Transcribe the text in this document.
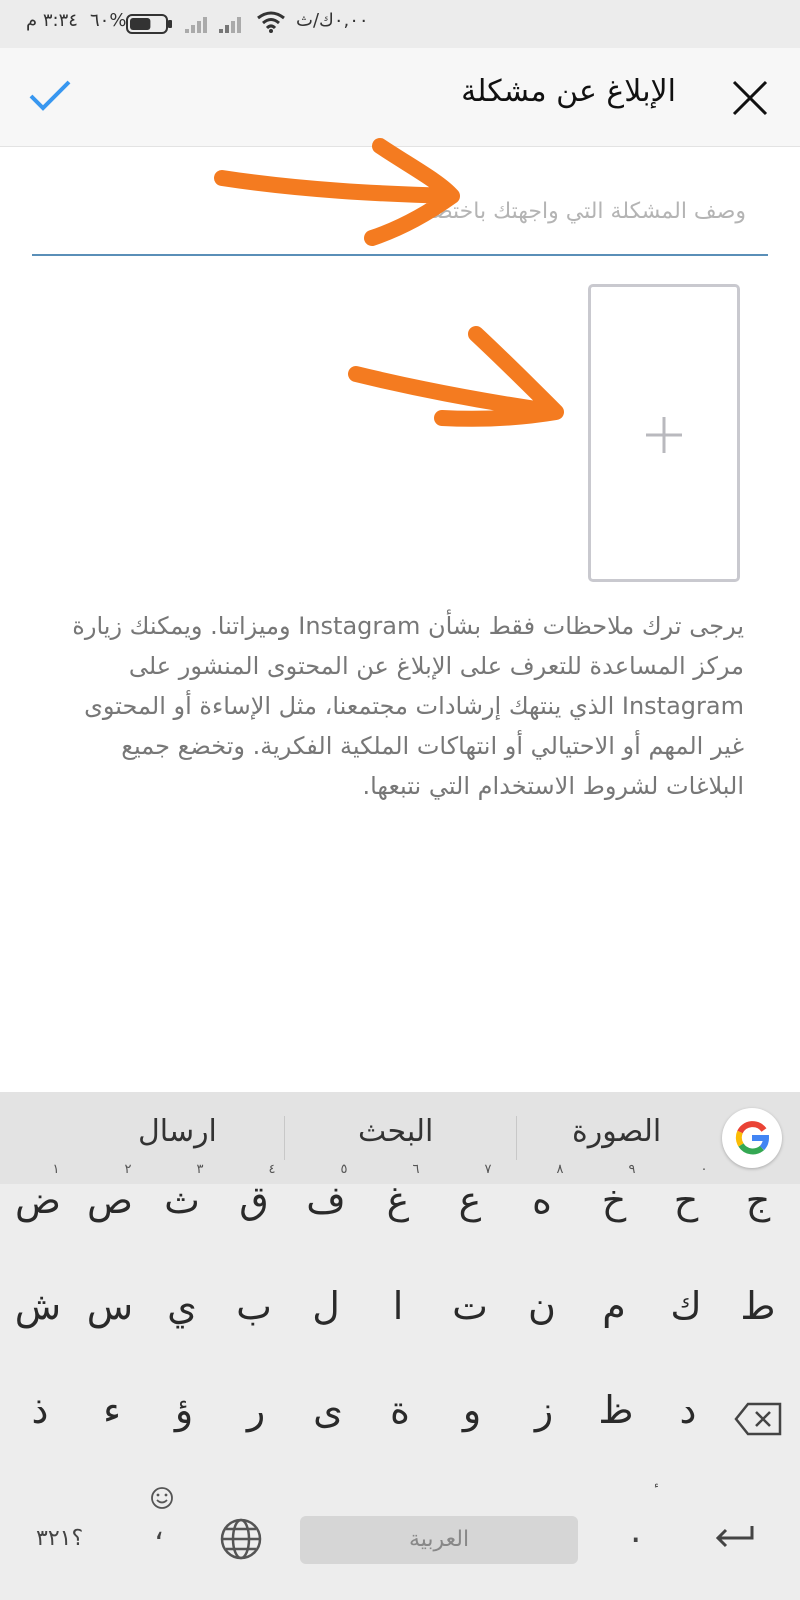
٣:٣٤ م %٦٠	٠,٠٠ك/ث
الإبلاغ عن مشكلة
وصف المشكلة التي واجهتك باختصار
يرجى ترك ملاحظات فقط بشأن Instagram وميزاتنا. ويمكنك زيارة مركز المساعدة للتعرف على الإبلاغ عن المحتوى المنشور على Instagram الذي ينتهك إرشادات مجتمعنا، مثل الإساءة أو المحتوى غير المهم أو الاحتيالي أو انتهاكات الملكية الفكرية. وتخضع جميع البلاغات لشروط الاستخدام التي نتبعها.
ارسال	البحث	الصورة
ج
ح
٠
خ
٩
ه
٨
ع
٧
غ
٦
ف
٥
ق
٤
ث
٣
ص
٢
ض
١
ط
ك
م
ن
ت
ا
ل
ب
ي
س
ش
د
ظ
ز
و
ة
ى
ر
ؤ
ء
ذ
.
العربية
،
؟٣٢١
